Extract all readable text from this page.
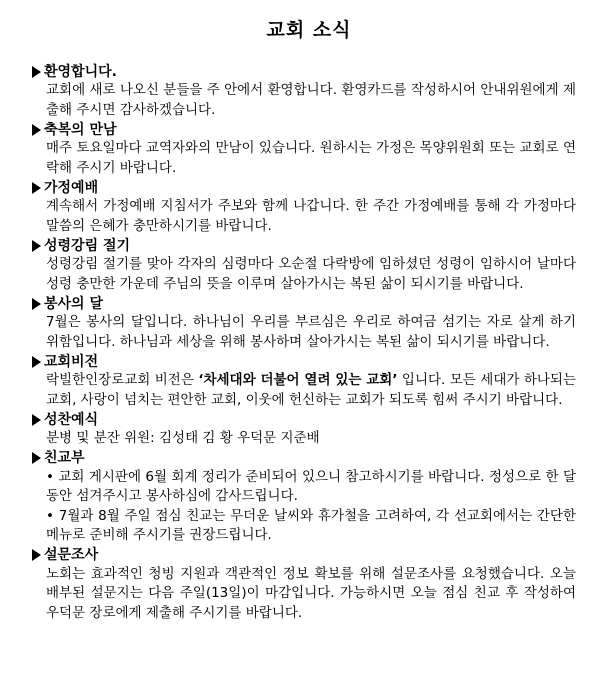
교회 소식
환영합니다.

교회에 새로 나오신 분들을 주 안에서 환영합니다. 환영카드를 작성하시어 안내위원에게 제출해 주시면 감사하겠습니다.

축복의 만남

매주 토요일마다 교역자와의 만남이 있습니다. 원하시는 가정은 목양위원회 또는 교회로 연락해 주시기 바랍니다.

가정예배

계속해서 가정예배 지침서가 주보와 함께 나갑니다. 한 주간 가정예배를 통해 각 가정마다 말씀의 은혜가 충만하시기를 바랍니다.

성령강림 절기

성령강림 절기를 맞아 각자의 심령마다 오순절 다락방에 임하셨던 성령이 임하시어 날마다 성령 충만한 가운데 주님의 뜻을 이루며 살아가시는 복된 삶이 되시기를 바랍니다.

봉사의 달

7월은 봉사의 달입니다. 하나님이 우리를 부르심은 우리로 하여금 섬기는 자로 살게 하기 위함입니다. 하나님과 세상을 위해 봉사하며 살아가시는 복된 삶이 되시기를 바랍니다.

교회비전

락빌한인장로교회 비전은 ‘차세대와 더불어 열려 있는 교회’ 입니다. 모든 세대가 하나되는 교회, 사랑이 넘치는 편안한 교회, 이웃에 헌신하는 교회가 되도록 힘써 주시기 바랍니다.

성찬예식

분병 및 분잔 위원: 김성태 김 황 우덕문 지준배

친교부

• 교회 게시판에 6월 회계 정리가 준비되어 있으니 참고하시기를 바랍니다. 정성으로 한 달 동안 섬겨주시고 봉사하심에 감사드립니다.

• 7월과 8월 주일 점심 친교는 무더운 날씨와 휴가철을 고려하여, 각 선교회에서는 간단한 메뉴로 준비해 주시기를 권장드립니다.

설문조사

노회는 효과적인 청빙 지원과 객관적인 정보 확보를 위해 설문조사를 요청했습니다. 오늘 배부된 설문지는 다음 주일(13일)이 마감입니다. 가능하시면 오늘 점심 친교 후 작성하여 우덕문 장로에게 제출해 주시기를 바랍니다.
